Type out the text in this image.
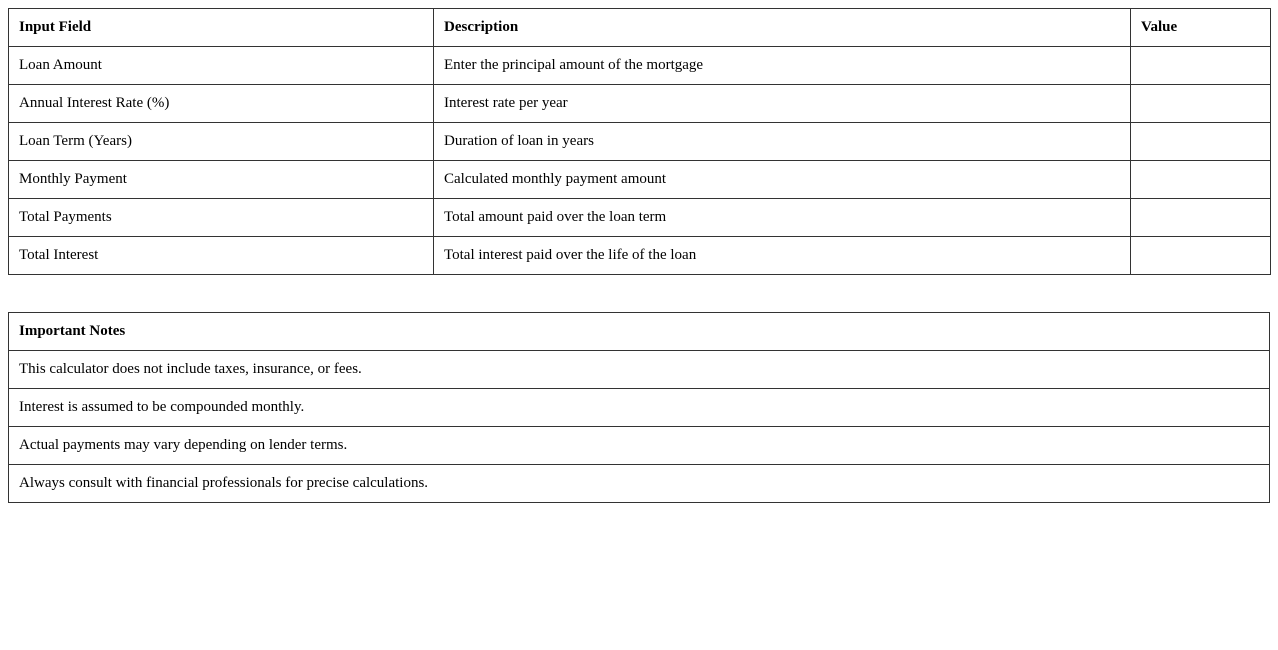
Input Field	Description	Value
Loan Amount	Enter the principal amount of the mortgage	
Annual Interest Rate (%)	Interest rate per year	
Loan Term (Years)	Duration of loan in years	
Monthly Payment	Calculated monthly payment amount	
Total Payments	Total amount paid over the loan term	
Total Interest	Total interest paid over the life of the loan	
Important Notes
This calculator does not include taxes, insurance, or fees.
Interest is assumed to be compounded monthly.
Actual payments may vary depending on lender terms.
Always consult with financial professionals for precise calculations.
